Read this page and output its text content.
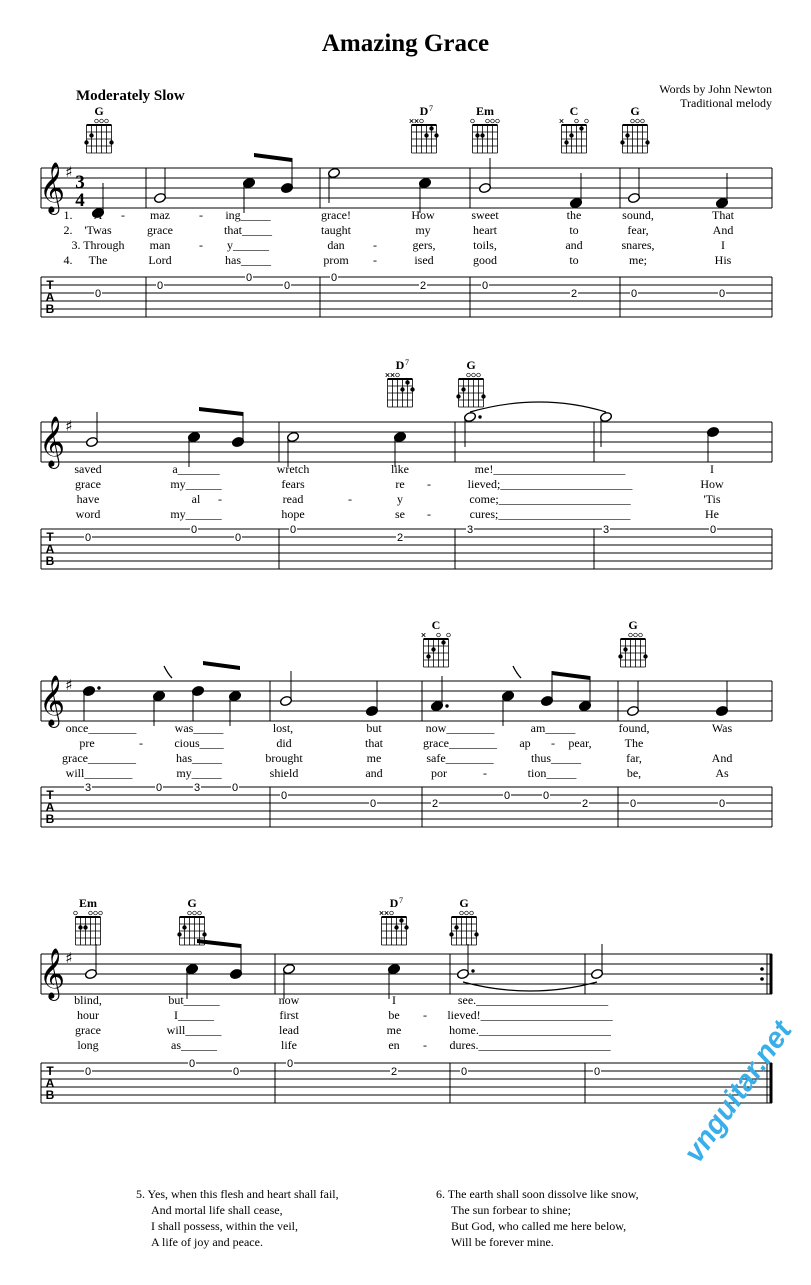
𝄞 ♯
T
A
B
3
4
0
0
0
0
0
2	0
2	0	0
G	D 7	Em	C	G
𝄞 ♯
T
A
B
0
0
0
0
2
3	3	0
D 7	G
𝄞 ♯
T
A
B
3	0	3	0
0
0	2
0	0
2	0	0
C	G
𝄞 ♯
T
A
B
0
0
0
0
2	0	0
Em	G	D 7	G
Amazing Grace
Moderately Slow	Words by John Newton
Traditional melody
1. A - maz - ing_____	grace!	How	sweet	the	sound,	That
2. 'Twas	grace	that_____	taught	my	heart	to	fear,	And
3. Through man - y______	dan -	gers,	toils,	and	snares,	I
4. The	Lord	has_____	prom -	ised	good	to	me;	His
saved	a_______	wretch	like	me!______________________	I
grace	my______	fears	re -	lieved;______________________	How
have	al -	read	-	y	come;______________________	'Tis
word	my______	hope	se -	cures;______________________	He
once________	was_____	lost,	but	now________	am_____	found,	Was
pre	-	cious____	did	that	grace________ ap - pear,	The
grace________	has_____	brought	me	safe________	thus_____	far,	And
will________	my_____	shield	and	por	-	tion_____	be,	As
blind,	but______	now	I	see.______________________
hour	I______	first	be - lieved!______________________
grace	will______	lead	me	home.______________________
long	as______	life	en - dures.______________________
5. Yes, when this flesh and heart shall fail,
And mortal life shall cease,
I shall possess, within the veil,
A life of joy and peace.
6. The earth shall soon dissolve like snow,
The sun forbear to shine;
But God, who called me here below,
Will be forever mine.
vnguitar.net
